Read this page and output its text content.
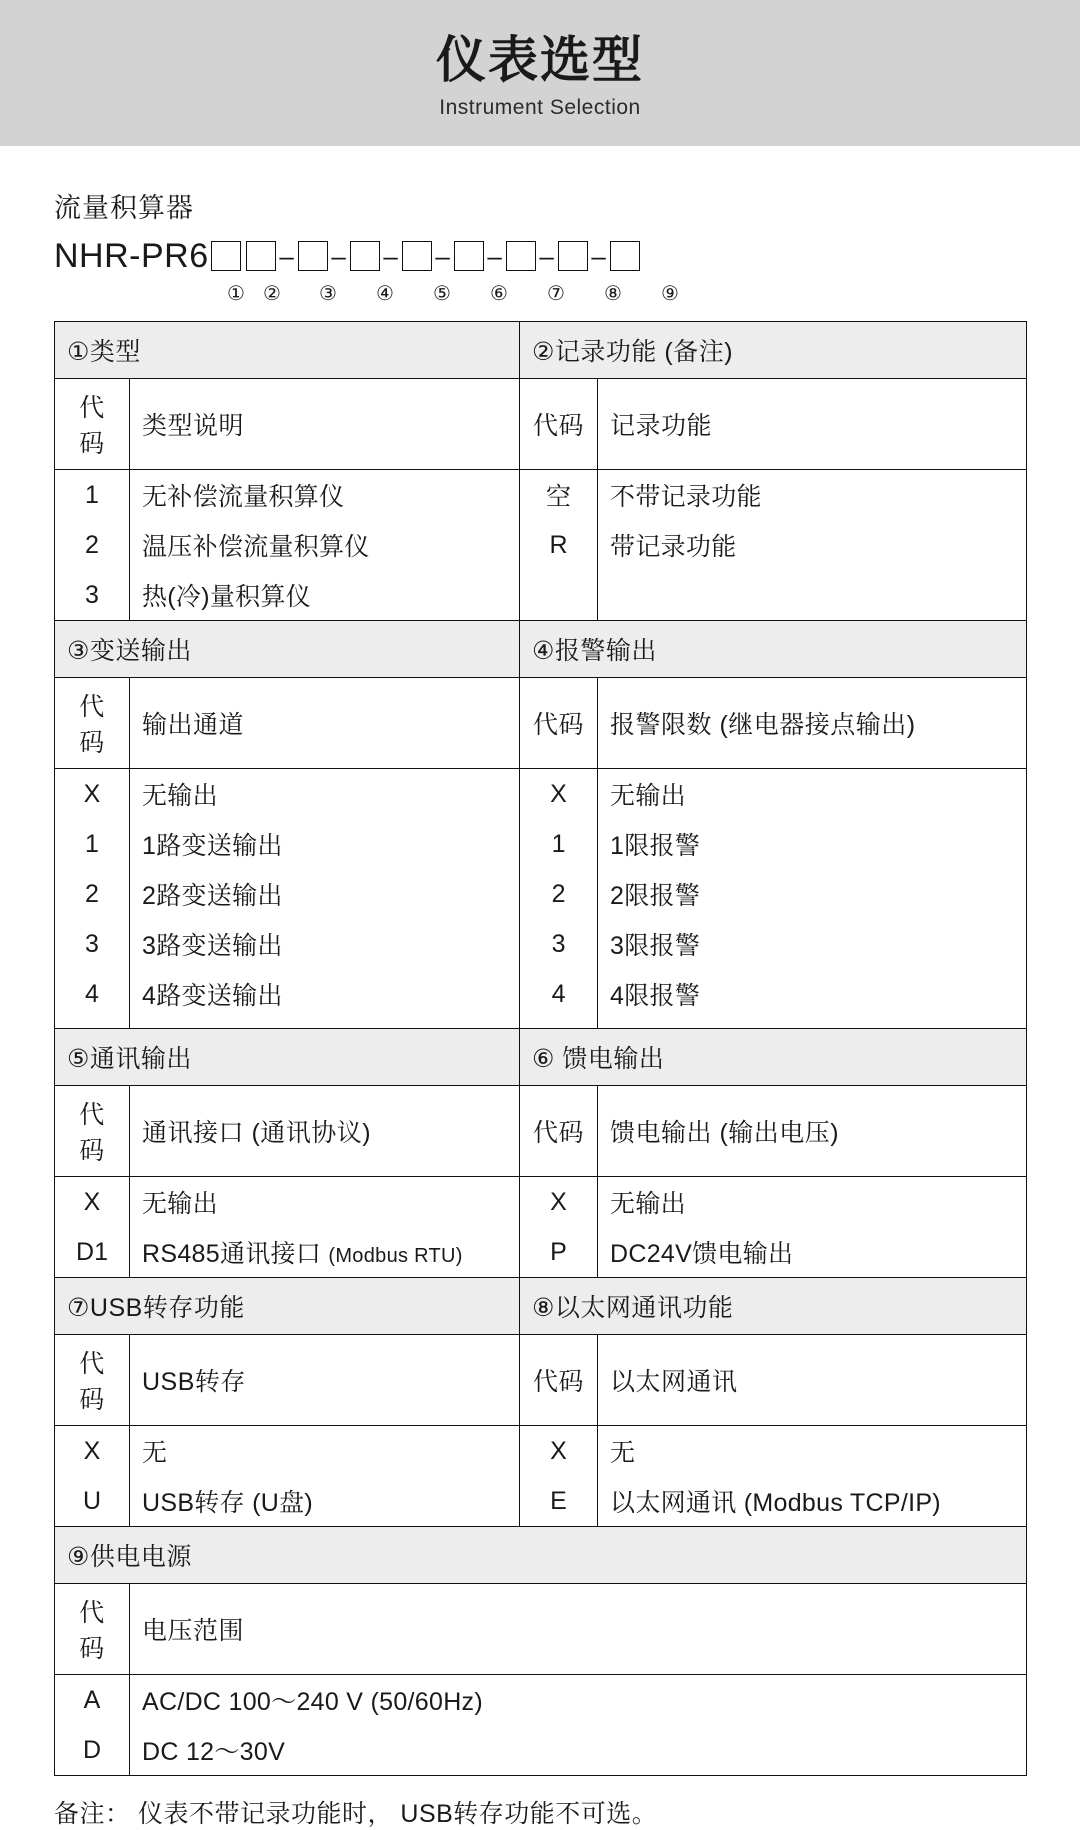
仪表选型
Instrument Selection
流量积算器
NHR-PR6	– – – – – – –
① ② ③ ④ ⑤ ⑥ ⑦ ⑧ ⑨
①类型		②记录功能 (备注)	
代码	类型说明	代码	记录功能
1	无补偿流量积算仪	空	不带记录功能
2	温压补偿流量积算仪	R	带记录功能
3	热(冷)量积算仪		
③变送输出		④报警输出	
代码	输出通道	代码	报警限数 (继电器接点输出)
X	无输出	X	无输出
1	1路变送输出	1	1限报警
2	2路变送输出	2	2限报警
3	3路变送输出	3	3限报警
4	4路变送输出	4	4限报警
⑤通讯输出		⑥ 馈电输出	
代码	通讯接口 (通讯协议)	代码	馈电输出 (输出电压)
X	无输出	X	无输出
D1	RS485通讯接口 (Modbus RTU)	P	DC24V馈电输出
⑦USB转存功能		⑧以太网通讯功能	
代码	USB转存	代码	以太网通讯
X	无	X	无
U	USB转存 (U盘)	E	以太网通讯 (Modbus TCP/IP)
⑨供电电源			
代码	电压范围		
A	AC/DC 100～240 V (50/60Hz)		
D	DC 12～30V		
备注： 仪表不带记录功能时， USB转存功能不可选。
